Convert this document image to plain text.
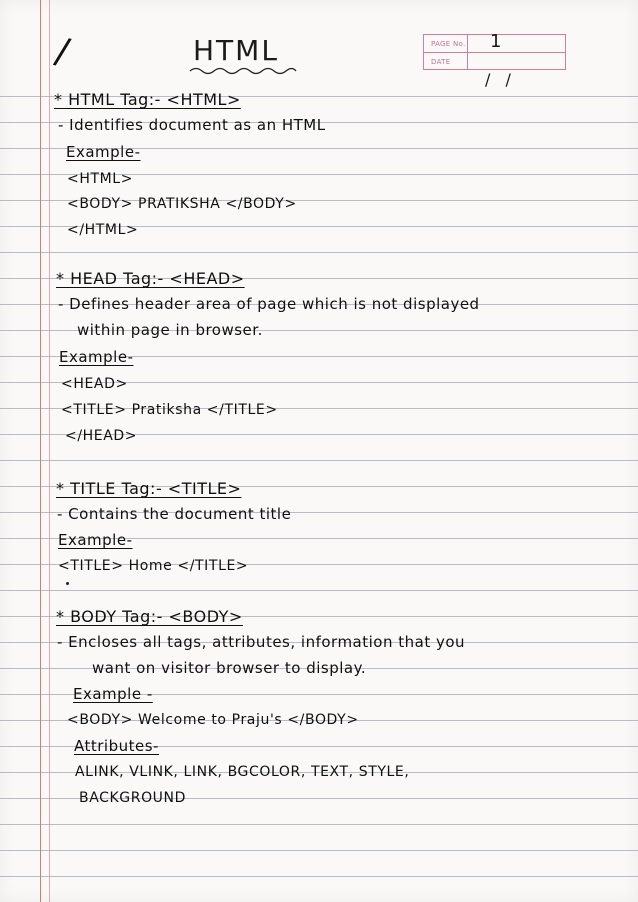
/	HTML	PAGE No. 1
DATE
/ /
* HTML Tag:- <HTML>
- Identifies document as an HTML
Example-
<HTML>
<BODY> PRATIKSHA </BODY>
</HTML>
* HEAD Tag:- <HEAD>
- Defines header area of page which is not displayed
within page in browser.
Example-
<HEAD>
<TITLE> Pratiksha </TITLE>
</HEAD>
* TITLE Tag:- <TITLE>
- Contains the document title
Example-
<TITLE> Home </TITLE>
* BODY Tag:- <BODY>
- Encloses all tags, attributes, information that you
want on visitor browser to display.
Example -
<BODY> Welcome to Praju's </BODY>
Attributes-
ALINK, VLINK, LINK, BGCOLOR, TEXT, STYLE,
BACKGROUND
